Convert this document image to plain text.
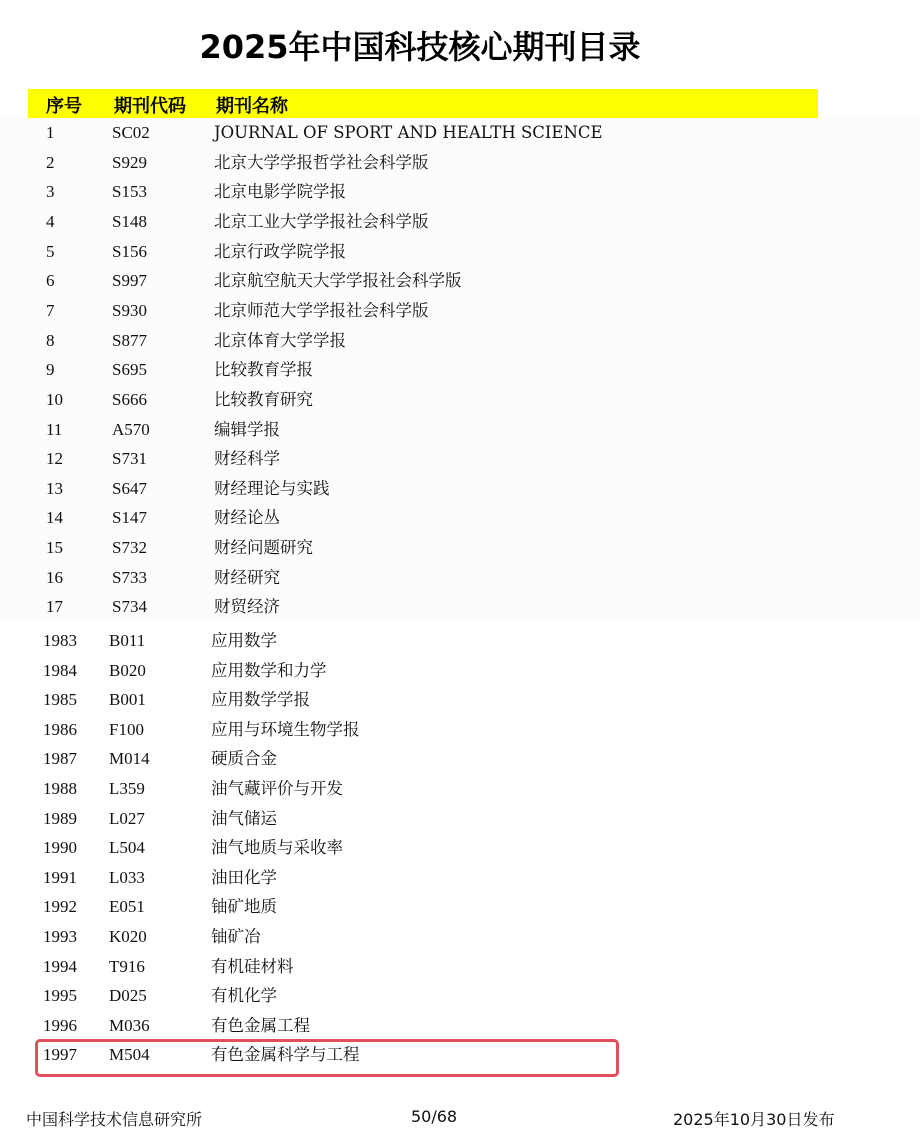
2025年中国科技核心期刊目录
序号 期刊代码 期刊名称
1	SC02	JOURNAL OF SPORT AND HEALTH SCIENCE
2	S929	北京大学学报哲学社会科学版
3	S153	北京电影学院学报
4	S148	北京工业大学学报社会科学版
5	S156	北京行政学院学报
6	S997	北京航空航天大学学报社会科学版
7	S930	北京师范大学学报社会科学版
8	S877	北京体育大学学报
9	S695	比较教育学报
10	S666	比较教育研究
11	A570	编辑学报
12	S731	财经科学
13	S647	财经理论与实践
14	S147	财经论丛
15	S732	财经问题研究
16	S733	财经研究
17	S734	财贸经济
1983 B011	应用数学
1984 B020	应用数学和力学
1985 B001	应用数学学报
1986 F100	应用与环境生物学报
1987 M014	硬质合金
1988 L359	油气藏评价与开发
1989 L027	油气储运
1990 L504	油气地质与采收率
1991 L033	油田化学
1992 E051	铀矿地质
1993 K020	铀矿冶
1994 T916	有机硅材料
1995 D025	有机化学
1996 M036	有色金属工程
1997 M504	有色金属科学与工程
中国科学技术信息研究所	50/68	2025年10月30日发布
